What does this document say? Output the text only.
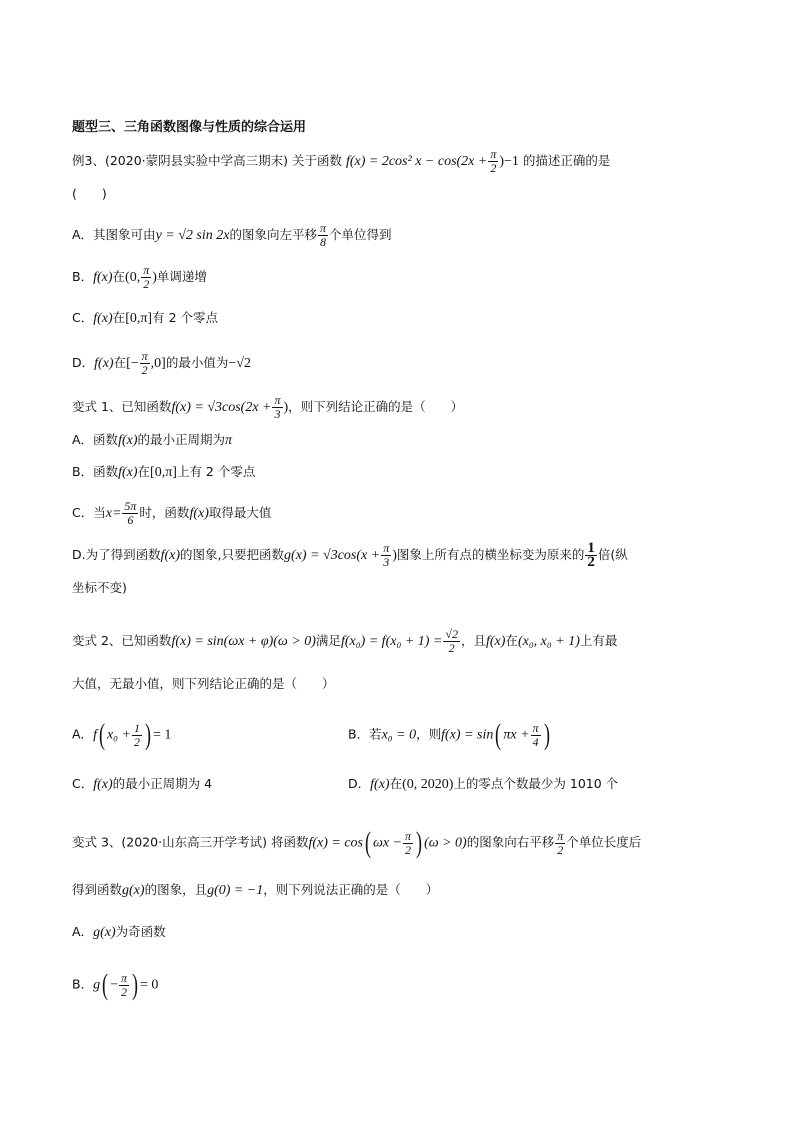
题型三、三角函数图像与性质的综合运用
例3、(2020·蒙阴县实验中学高三期末) 关于函数 f(x) = 2cos² $x - \cos(2x + \frac{\pi}{2} )-1$ 的描述正确的是
(　　)
A．其图象可由y = √2 sin 2x的图象向左平移 $\frac{\pi}{8}$ 个单位得到
B．f(x)在(0, $\frac{\pi}{2}$ )单调递增
C．f(x)在[0,π]有 2 个零点
D．f(x)在[− $\frac{\pi}{2} ,0$]的最小值为−√2
变式 1、已知函数$f(x) = √3\cos(2x + \frac{\pi}{3}$ )，则下列结论正确的是（　　）
A．函数f(x)的最小正周期为π
B．函数f(x)在[0,π]上有 2 个零点
C．当$x= \frac{5\pi}{6}$ 时，函数f(x)取得最大值
D.为了得到函数f(x)的图象,只要把函数$g(x) = √3\cos(x + \frac{\pi}{3}$ )图象上所有点的横坐标变为原来的 $\frac{1}{2}$ 倍(纵
坐标不变)
变式 2、已知函数f(x) = sin(ωx + φ)(ω > 0)满足$f(x_0) = f(x_0 + 1) = \frac{√2}{2}$ ，且f(x)在(x₀, x₀ + 1)上有最
大值，无最小值，则下列结论正确的是（　　）
A．f( $x_0 + \frac{1}{2}$ ) = 1	B．若x₀ = 0，则f(x) = sin( $\pi x + \frac{\pi}{4}$ )
C．f(x)的最小正周期为 4	D．f(x)在(0, 2020)上的零点个数最少为 1010 个
变式 3、(2020·山东高三开学考试) 将函数f(x) = cos( $\omega x - \frac{\pi}{2}$ ) (ω > 0)的图象向右平移 $\frac{\pi}{2}$ 个单位长度后
得到函数g(x)的图象，且g(0) = −1，则下列说法正确的是（　　）
A．g(x)为奇函数
B．$g( - \frac{\pi}{2}$ ) = 0
